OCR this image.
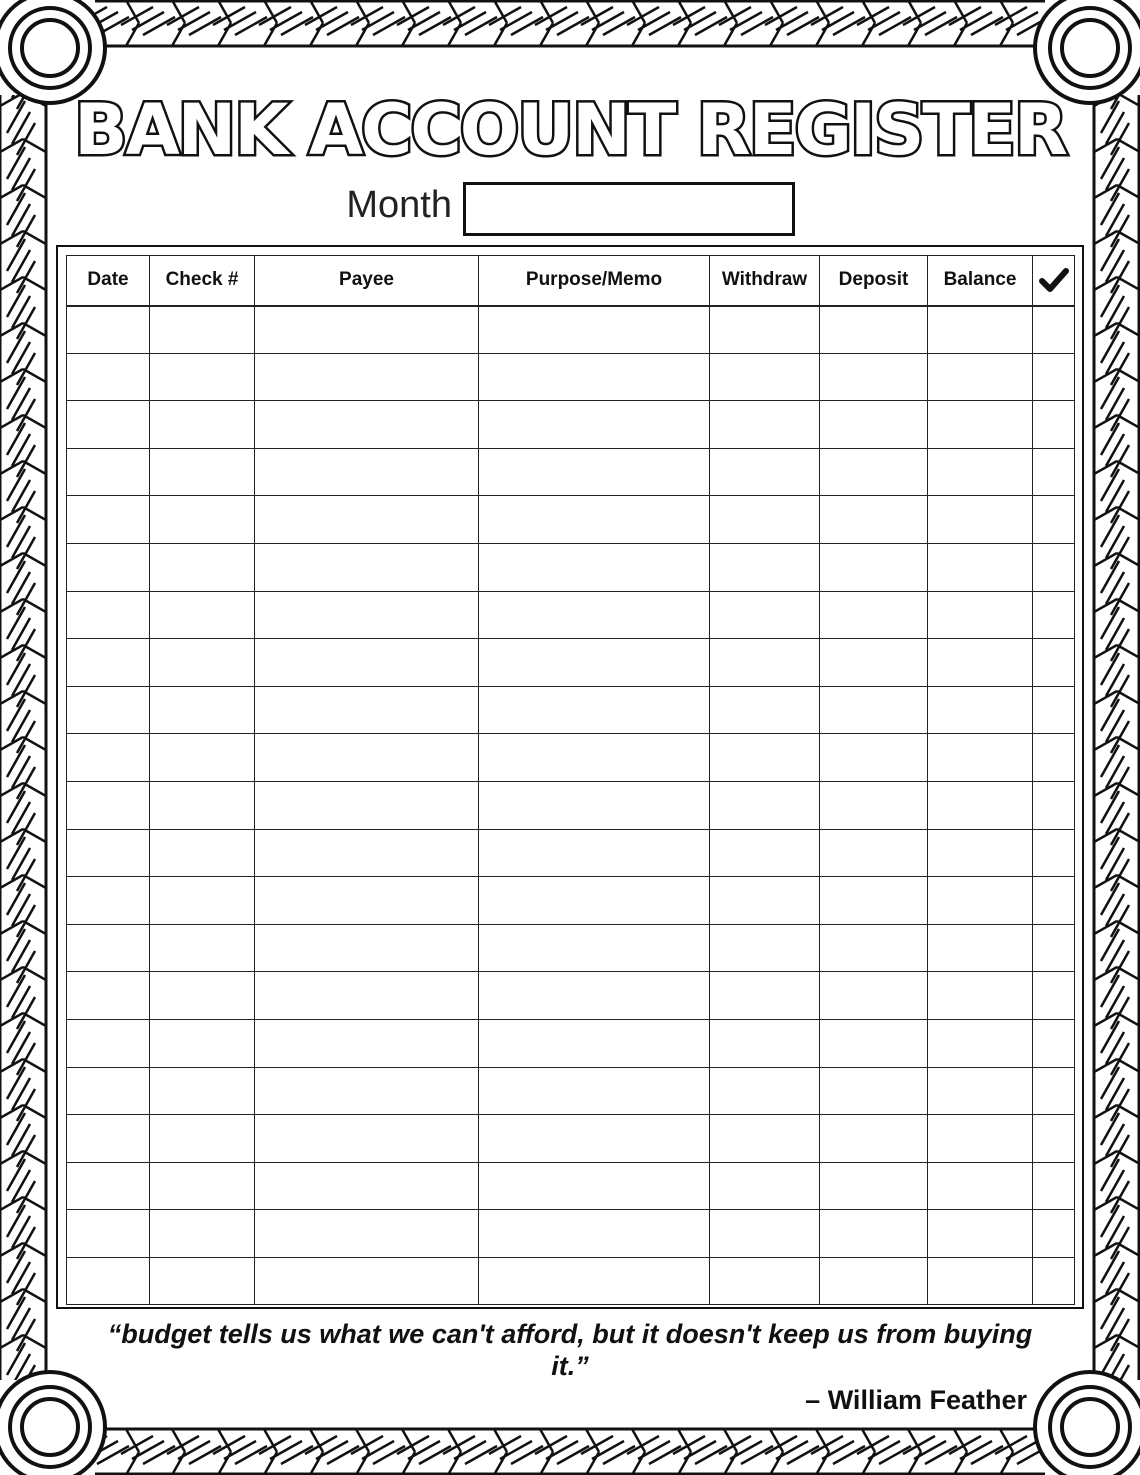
BANK ACCOUNT REGISTER
Month
Date	Check #	Payee	Purpose/Memo	Withdraw	Deposit	Balance	

“budget tells us what we can't afford, but it doesn't keep us from buying it.”

– William Feather
